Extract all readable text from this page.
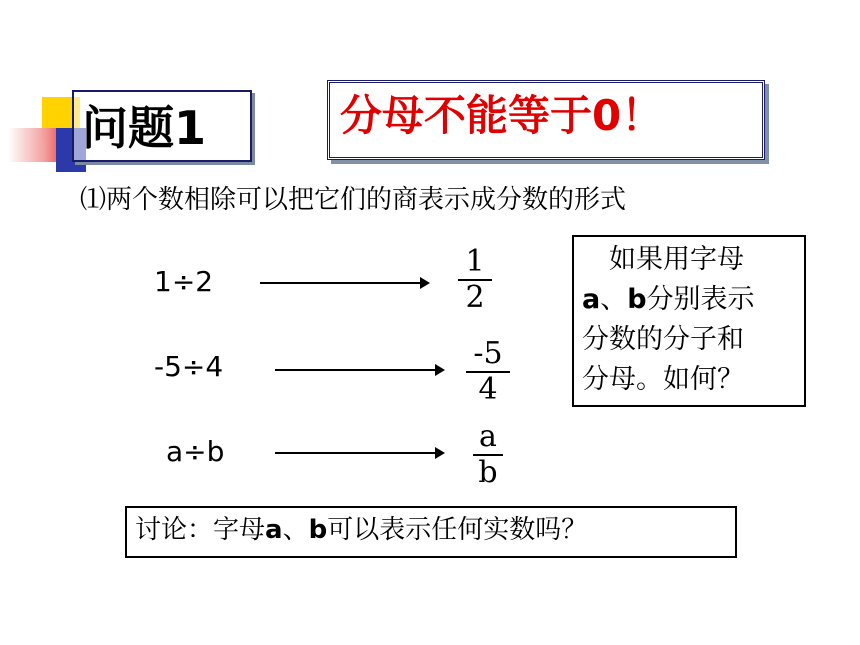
问题1	分母不能等于0！
⑴两个数相除可以把它们的商表示成分数的形式
1÷2
1
2
-5÷4	-5
4
a÷b	a
b
　如果用字母
a、b分别表示
分数的分子和
分母。如何？
讨论：字母a、b可以表示任何实数吗？
